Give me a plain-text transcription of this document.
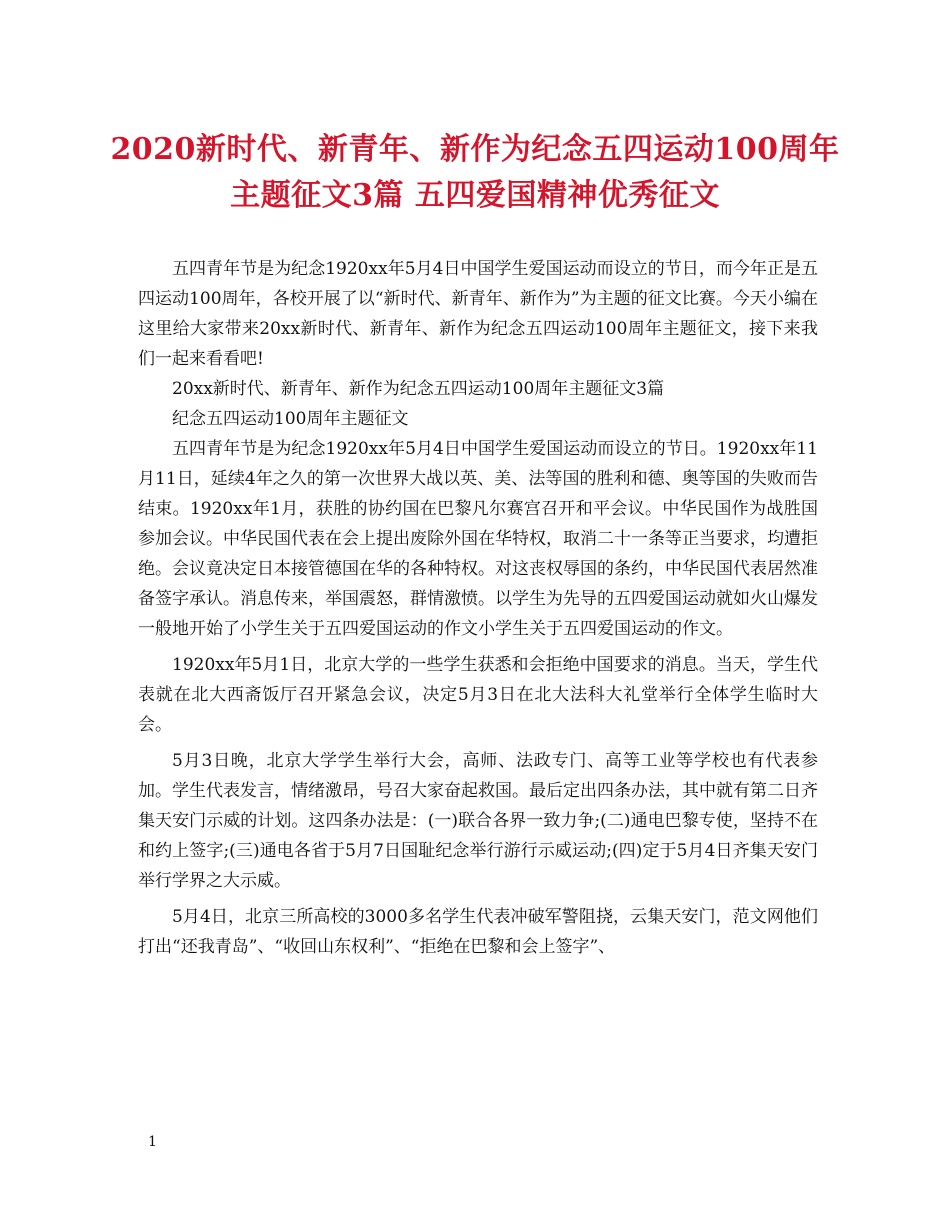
2020新时代、新青年、新作为纪念五四运动100周年
主题征文3篇 五四爱国精神优秀征文

五四青年节是为纪念1920xx年5月4日中国学生爱国运动而设立的节日，而今年正是五四运动100周年，各校开展了以“新时代、新青年、新作为”为主题的征文比赛。今天小编在这里给大家带来20xx新时代、新青年、新作为纪念五四运动100周年主题征文，接下来我们一起来看看吧!

20xx新时代、新青年、新作为纪念五四运动100周年主题征文3篇

纪念五四运动100周年主题征文

五四青年节是为纪念1920xx年5月4日中国学生爱国运动而设立的节日。1920xx年11月11日，延续4年之久的第一次世界大战以英、美、法等国的胜利和德、奥等国的失败而告结束。1920xx年1月，获胜的协约国在巴黎凡尔赛宫召开和平会议。中华民国作为战胜国参加会议。中华民国代表在会上提出废除外国在华特权，取消二十一条等正当要求，均遭拒绝。会议竟决定日本接管德国在华的各种特权。对这丧权辱国的条约，中华民国代表居然准备签字承认。消息传来，举国震怒，群情激愤。以学生为先导的五四爱国运动就如火山爆发一般地开始了小学生关于五四爱国运动的作文小学生关于五四爱国运动的作文。

1920xx年5月1日，北京大学的一些学生获悉和会拒绝中国要求的消息。当天，学生代表就在北大西斋饭厅召开紧急会议，决定5月3日在北大法科大礼堂举行全体学生临时大会。

5月3日晚，北京大学学生举行大会，高师、法政专门、高等工业等学校也有代表参加。学生代表发言，情绪激昂，号召大家奋起救国。最后定出四条办法，其中就有第二日齐集天安门示威的计划。这四条办法是：(一)联合各界一致力争;(二)通电巴黎专使，坚持不在和约上签字;(三)通电各省于5月7日国耻纪念举行游行示威运动;(四)定于5月4日齐集天安门举行学界之大示威。

5月4日，北京三所高校的3000多名学生代表冲破军警阻挠，云集天安门，范文网他们打出“还我青岛”、“收回山东权利”、“拒绝在巴黎和会上签字”、

1
